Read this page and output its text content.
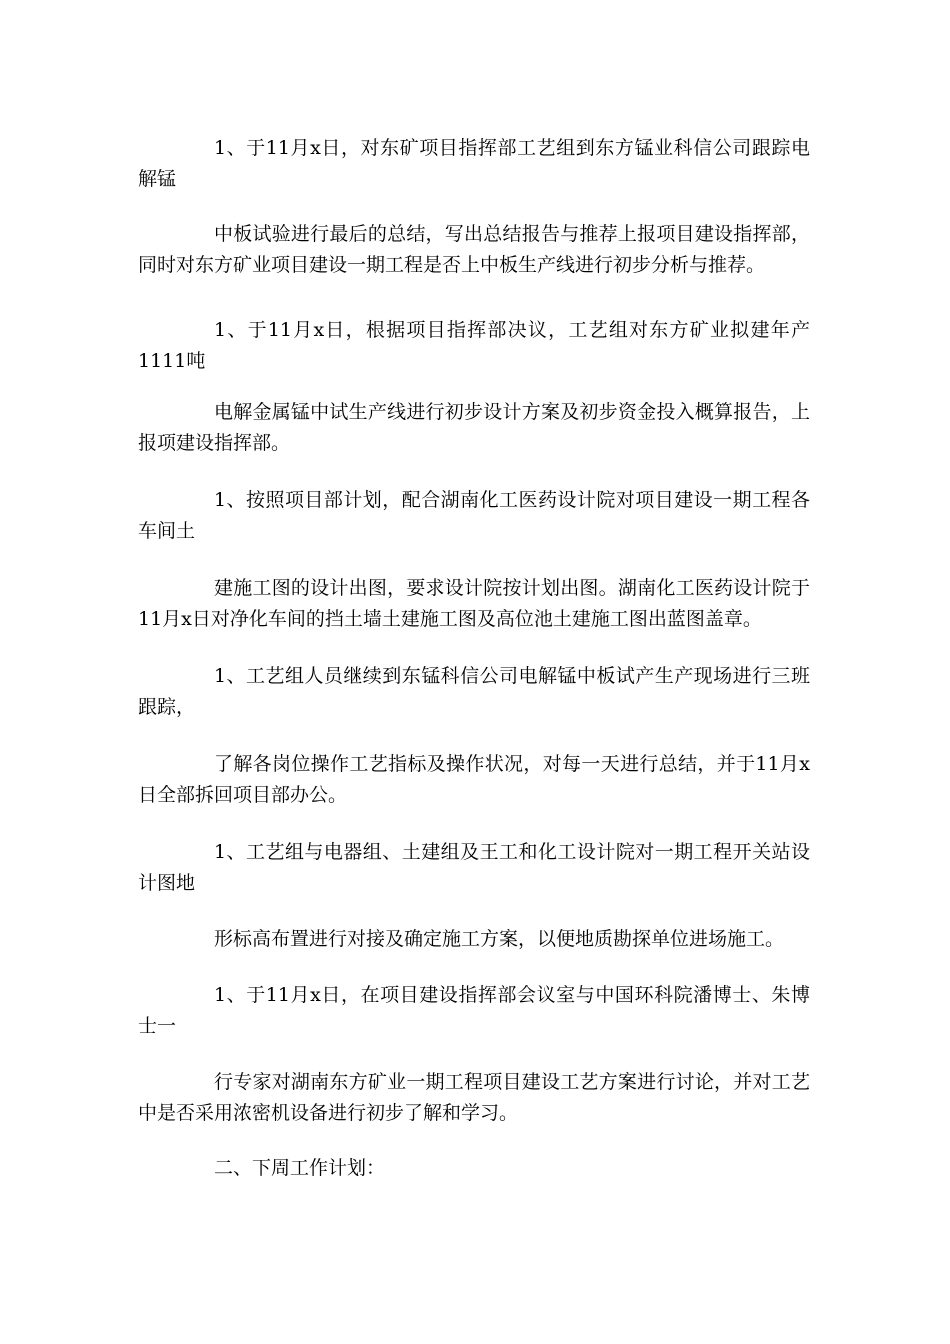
1、于11月x日，对东矿项目指挥部工艺组到东方锰业科信公司跟踪电解锰

中板试验进行最后的总结，写出总结报告与推荐上报项目建设指挥部，同时对东方矿业项目建设一期工程是否上中板生产线进行初步分析与推荐。

1、于11月x日，根据项目指挥部决议，工艺组对东方矿业拟建年产1111吨

电解金属锰中试生产线进行初步设计方案及初步资金投入概算报告，上报项建设指挥部。

1、按照项目部计划，配合湖南化工医药设计院对项目建设一期工程各车间土

建施工图的设计出图，要求设计院按计划出图。湖南化工医药设计院于11月x日对净化车间的挡土墙土建施工图及高位池土建施工图出蓝图盖章。

1、工艺组人员继续到东锰科信公司电解锰中板试产生产现场进行三班跟踪，

了解各岗位操作工艺指标及操作状况，对每一天进行总结，并于11月x日全部拆回项目部办公。

1、工艺组与电器组、土建组及王工和化工设计院对一期工程开关站设计图地

形标高布置进行对接及确定施工方案，以便地质勘探单位进场施工。

1、于11月x日，在项目建设指挥部会议室与中国环科院潘博士、朱博士一

行专家对湖南东方矿业一期工程项目建设工艺方案进行讨论，并对工艺中是否采用浓密机设备进行初步了解和学习。

二、下周工作计划：
